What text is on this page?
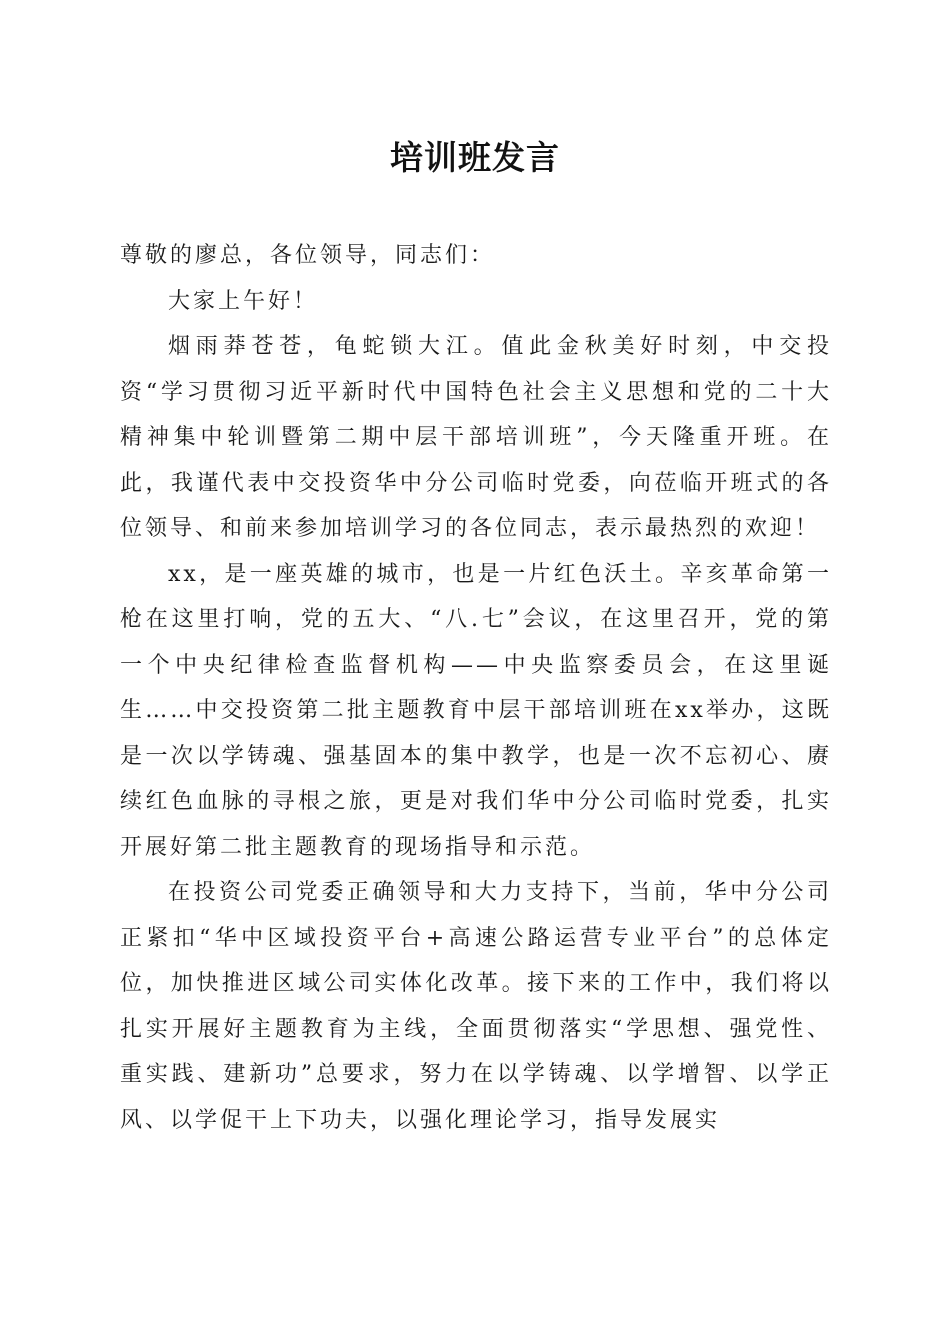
培训班发言

尊敬的廖总，各位领导，同志们：

大家上午好！

烟雨莽苍苍，龟蛇锁大江。值此金秋美好时刻，中交投资“学习贯彻习近平新时代中国特色社会主义思想和党的二十大精神集中轮训暨第二期中层干部培训班”，今天隆重开班。在此，我谨代表中交投资华中分公司临时党委，向莅临开班式的各位领导、和前来参加培训学习的各位同志，表示最热烈的欢迎！

xx，是一座英雄的城市，也是一片红色沃土。辛亥革命第一枪在这里打响，党的五大、“八.七”会议，在这里召开，党的第一个中央纪律检查监督机构——中央监察委员会，在这里诞生……中交投资第二批主题教育中层干部培训班在xx举办，这既是一次以学铸魂、强基固本的集中教学，也是一次不忘初心、赓续红色血脉的寻根之旅，更是对我们华中分公司临时党委，扎实开展好第二批主题教育的现场指导和示范。

在投资公司党委正确领导和大力支持下，当前，华中分公司正紧扣“华中区域投资平台+高速公路运营专业平台”的总体定位，加快推进区域公司实体化改革。接下来的工作中，我们将以扎实开展好主题教育为主线，全面贯彻落实“学思想、强党性、重实践、建新功”总要求，努力在以学铸魂、以学增智、以学正风、以学促干上下功夫，以强化理论学习，指导发展实
